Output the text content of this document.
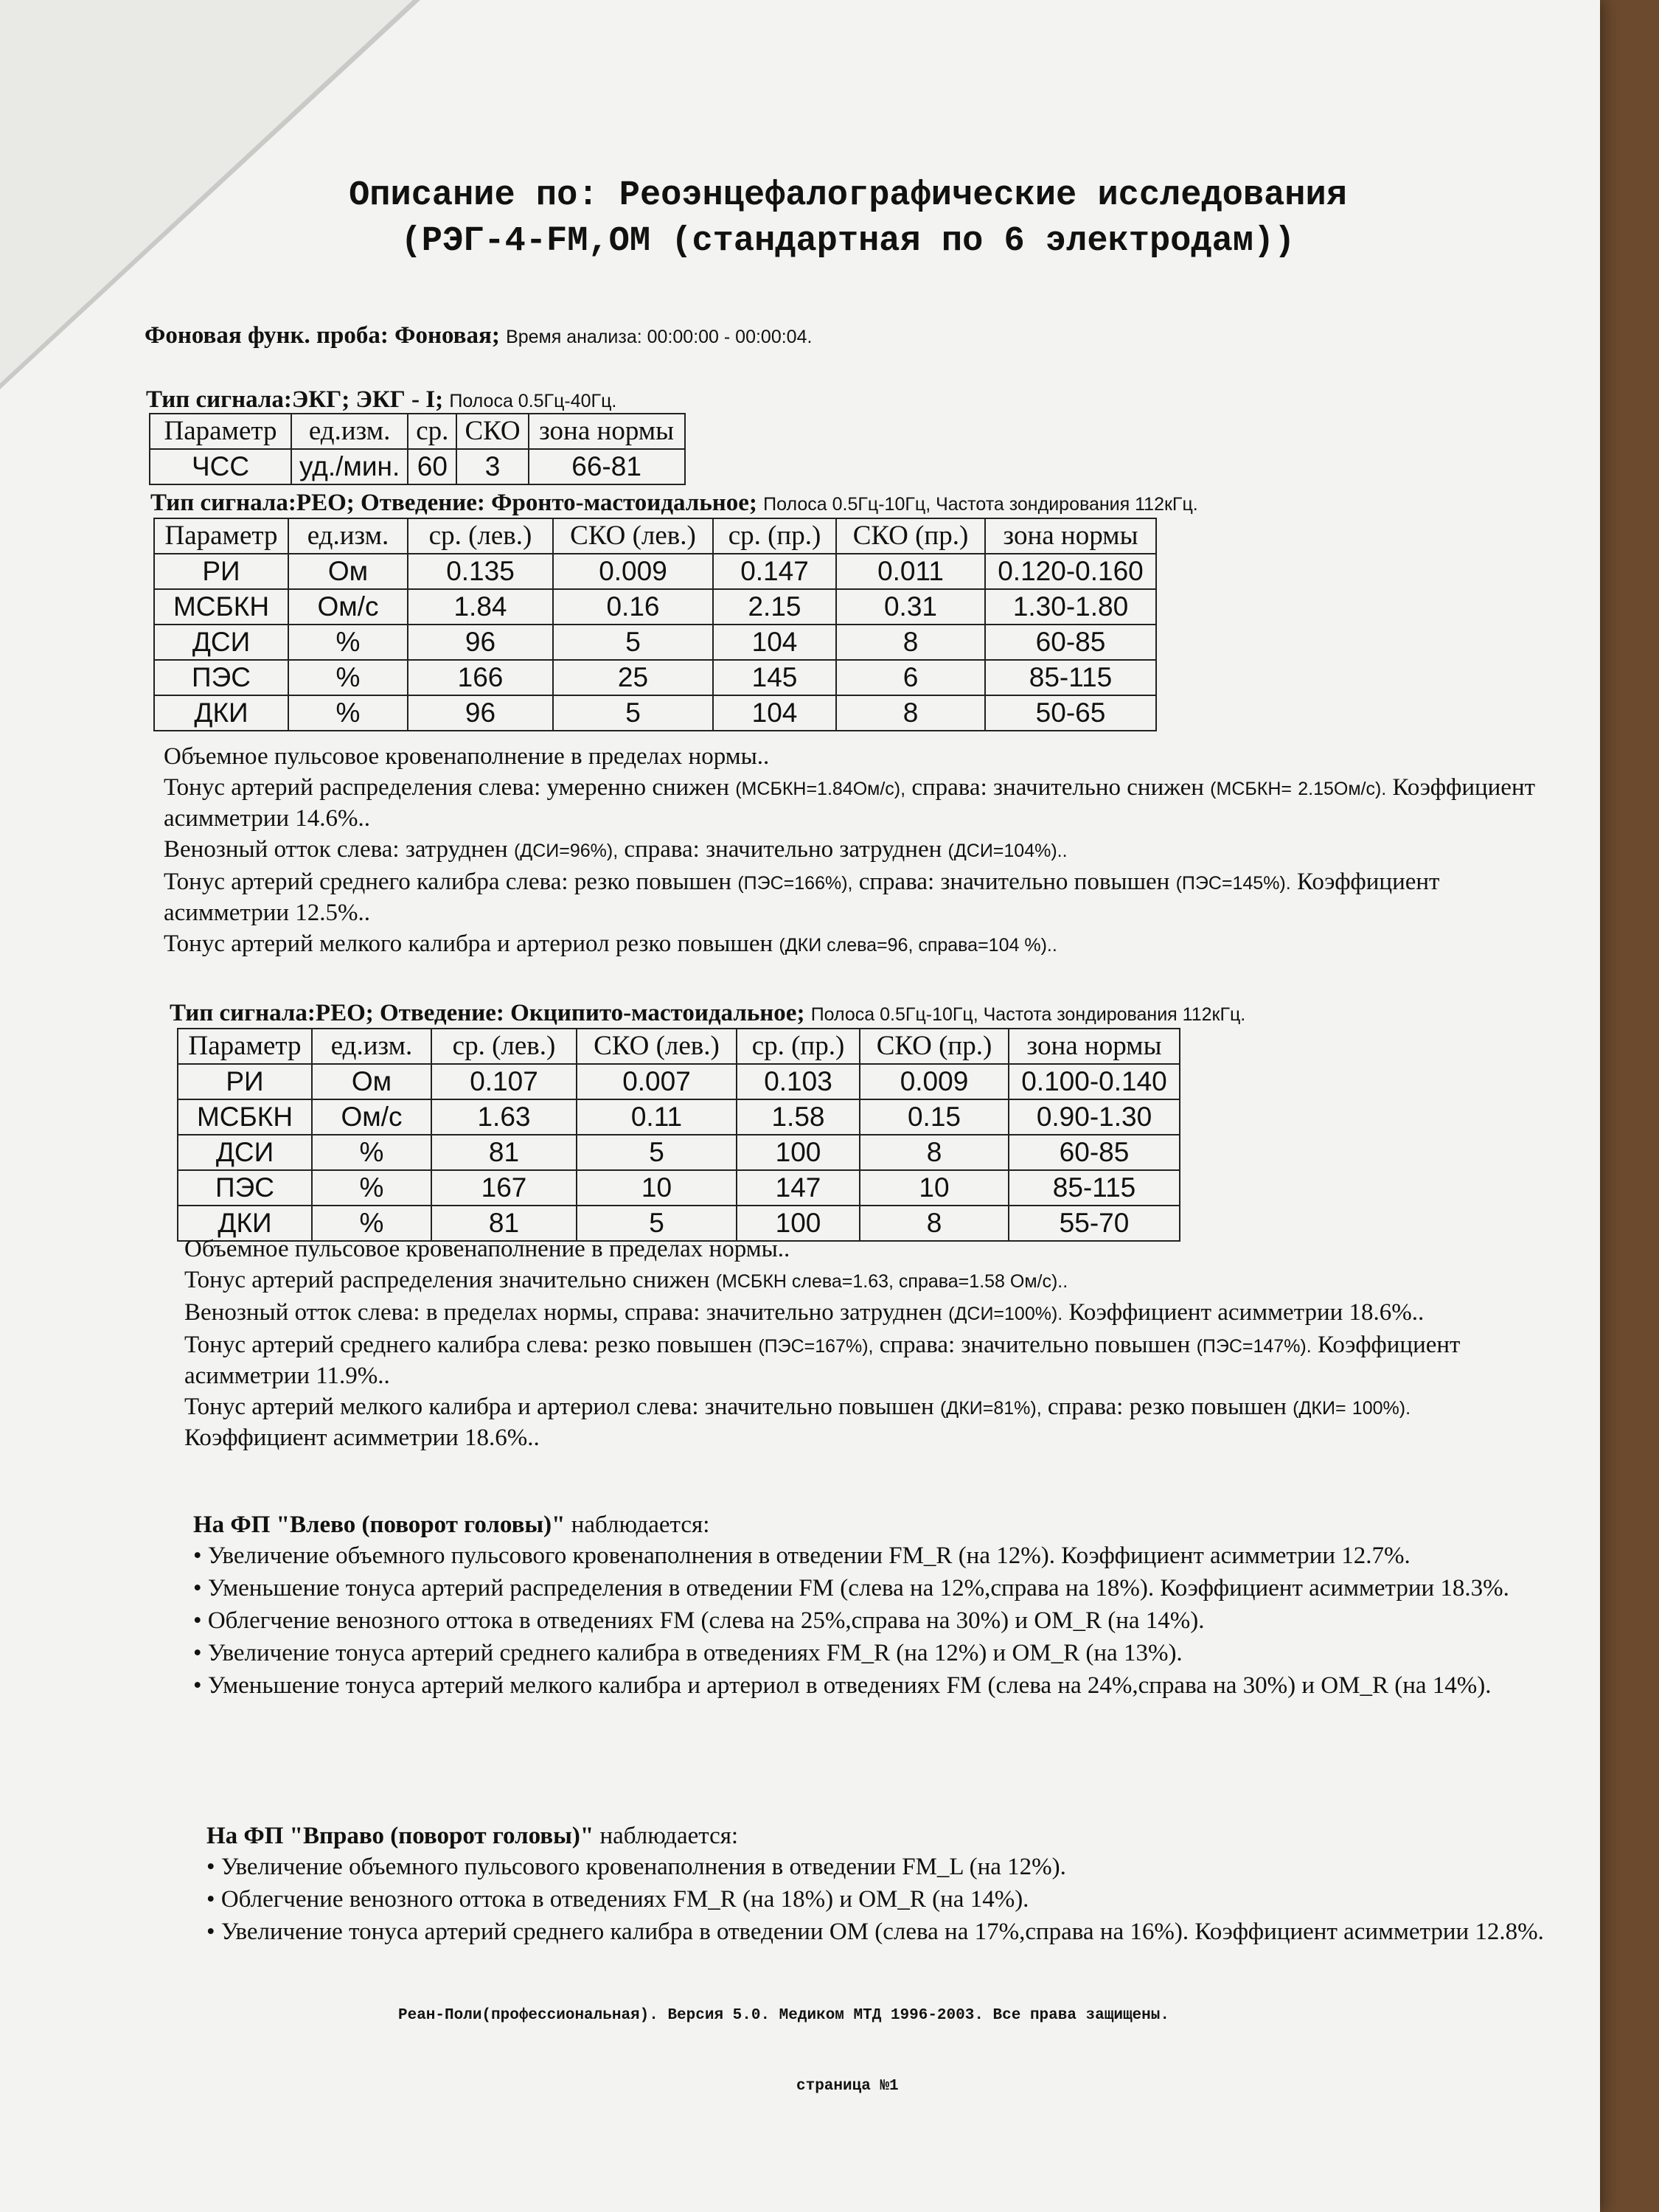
Описание по: Реоэнцефалографические исследования
(РЭГ-4-FM,OM (стандартная по 6 электродам))
Фоновая функ. проба: Фоновая; Время анализа: 00:00:00 - 00:00:04.
Тип сигнала:ЭКГ; ЭКГ - I; Полоса 0.5Гц-40Гц.
Параметр	ед.изм.	ср.	СКО	зона нормы
ЧСС	уд./мин.	60	3	66-81
Тип сигнала:РЕО; Отведение: Фронто-мастоидальное; Полоса 0.5Гц-10Гц, Частота зондирования 112кГц.
Параметр	ед.изм.	ср. (лев.)	СКО (лев.)	ср. (пр.)	СКО (пр.)	зона нормы
РИ	Ом	0.135	0.009	0.147	0.011	0.120-0.160
МСБКН	Ом/с	1.84	0.16	2.15	0.31	1.30-1.80
ДСИ	%	96	5	104	8	60-85
ПЭС	%	166	25	145	6	85-115
ДКИ	%	96	5	104	8	50-65

Объемное пульсовое кровенаполнение в пределах нормы..

Тонус артерий распределения слева: умеренно снижен (МСБКН=1.84Ом/с), справа: значительно снижен (МСБКН= 2.15Ом/с). Коэффициент асимметрии 14.6%..

Венозный отток слева: затруднен (ДСИ=96%), справа: значительно затруднен (ДСИ=104%)..

Тонус артерий среднего калибра слева: резко повышен (ПЭС=166%), справа: значительно повышен (ПЭС=145%). Коэффициент асимметрии 12.5%..

Тонус артерий мелкого калибра и артериол резко повышен (ДКИ слева=96, справа=104 %)..

Тип сигнала:РЕО; Отведение: Окципито-мастоидальное; Полоса 0.5Гц-10Гц, Частота зондирования 112кГц.
Параметр	ед.изм.	ср. (лев.)	СКО (лев.)	ср. (пр.)	СКО (пр.)	зона нормы
РИ	Ом	0.107	0.007	0.103	0.009	0.100-0.140
МСБКН	Ом/с	1.63	0.11	1.58	0.15	0.90-1.30
ДСИ	%	81	5	100	8	60-85
ПЭС	%	167	10	147	10	85-115
ДКИ	%	81	5	100	8	55-70

Объемное пульсовое кровенаполнение в пределах нормы..

Тонус артерий распределения значительно снижен (МСБКН слева=1.63, справа=1.58 Ом/с)..

Венозный отток слева: в пределах нормы, справа: значительно затруднен (ДСИ=100%). Коэффициент асимметрии 18.6%..

Тонус артерий среднего калибра слева: резко повышен (ПЭС=167%), справа: значительно повышен (ПЭС=147%). Коэффициент асимметрии 11.9%..

Тонус артерий мелкого калибра и артериол слева: значительно повышен (ДКИ=81%), справа: резко повышен (ДКИ= 100%). Коэффициент асимметрии 18.6%..

На ФП "Влево (поворот головы)" наблюдается:

• Увеличение объемного пульсового кровенаполнения в отведении FM_R (на 12%). Коэффициент асимметрии 12.7%.
• Уменьшение тонуса артерий распределения в отведении FM (слева на 12%,справа на 18%). Коэффициент асимметрии 18.3%.
• Облегчение венозного оттока в отведениях FM (слева на 25%,справа на 30%) и OM_R (на 14%).
• Увеличение тонуса артерий среднего калибра в отведениях FM_R (на 12%) и OM_R (на 13%).
• Уменьшение тонуса артерий мелкого калибра и артериол в отведениях FM (слева на 24%,справа на 30%) и OM_R (на 14%).

На ФП "Вправо (поворот головы)" наблюдается:

• Увеличение объемного пульсового кровенаполнения в отведении FM_L (на 12%).
• Облегчение венозного оттока в отведениях FM_R (на 18%) и OM_R (на 14%).
• Увеличение тонуса артерий среднего калибра в отведении OM (слева на 17%,справа на 16%). Коэффициент асимметрии 12.8%.
Реан-Поли(профессиональная). Версия 5.0. Медиком МТД 1996-2003. Все права защищены.
страница №1
